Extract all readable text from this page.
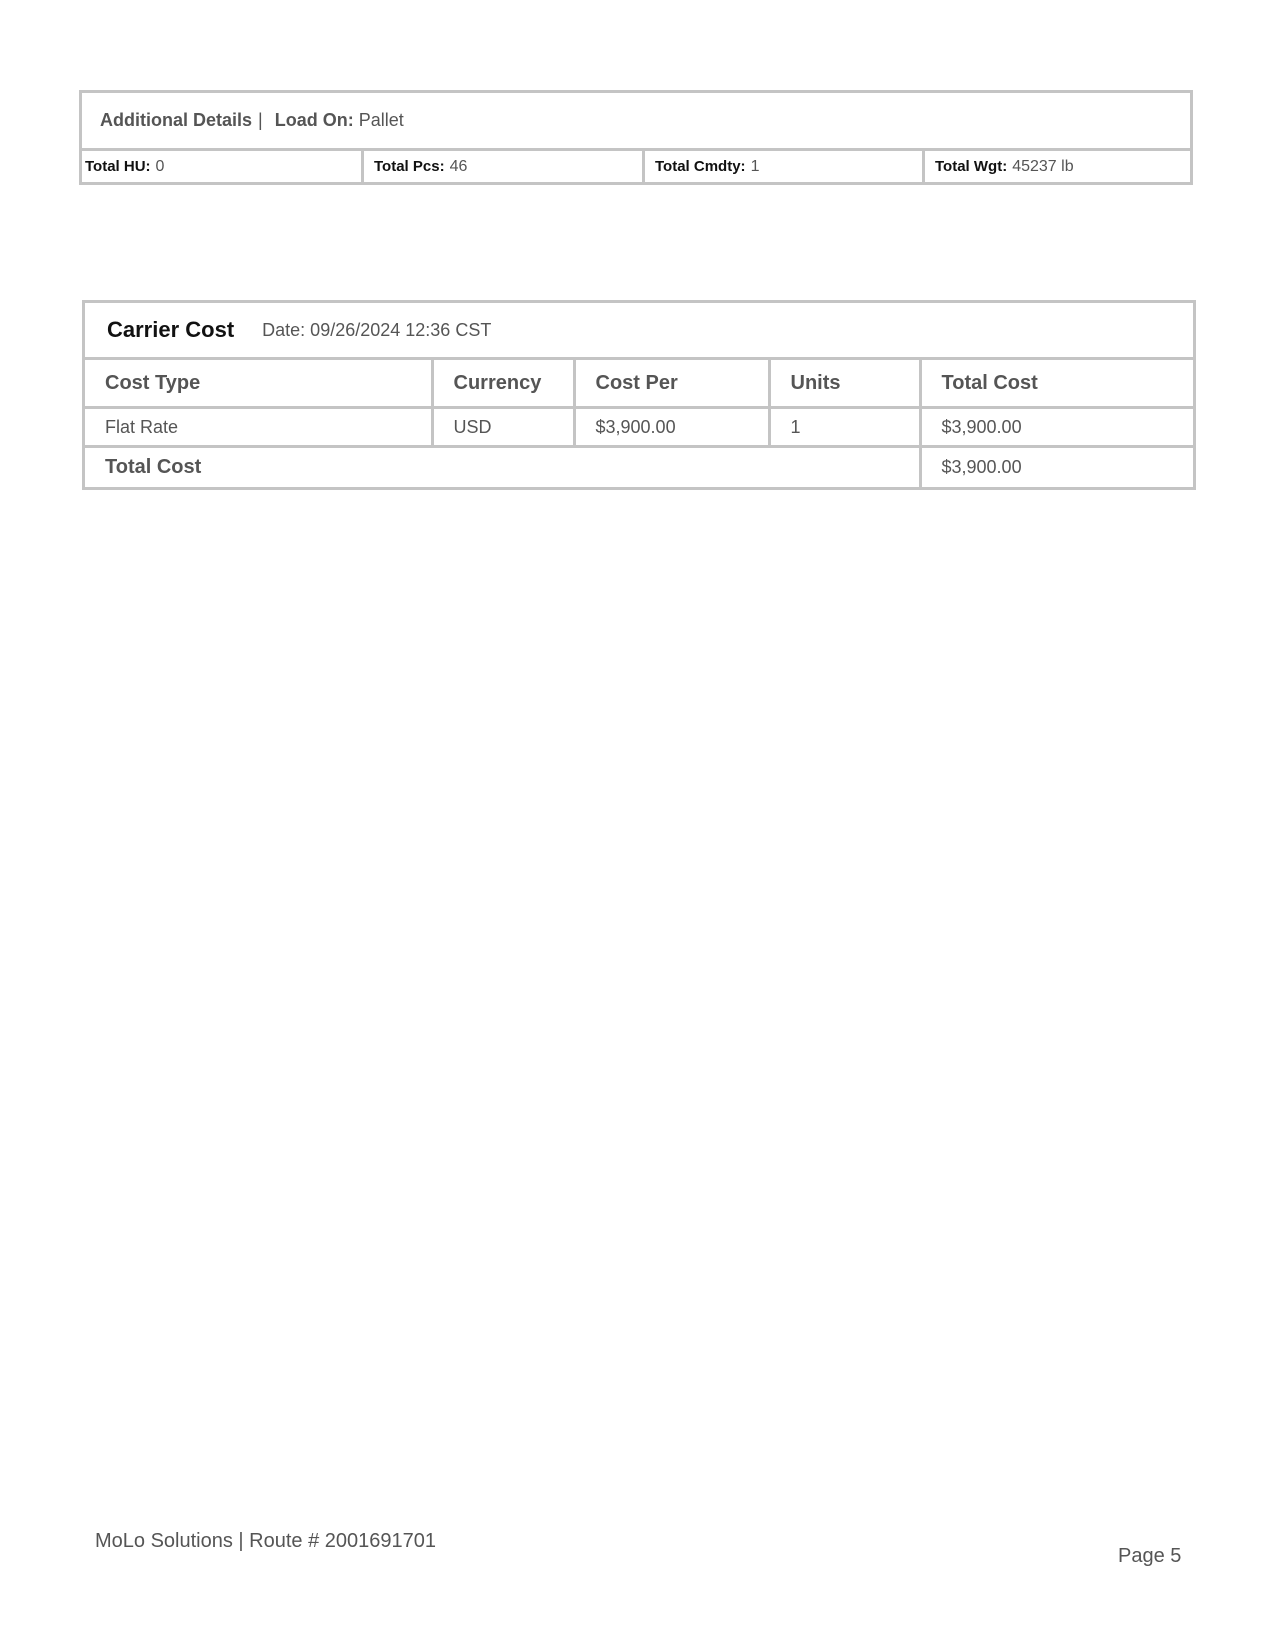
Additional Details | Load On: Pallet
Total HU: 0	Total Pcs: 46	Total Cmdty: 1	Total Wgt: 45237 lb
Carrier Cost Date: 09/26/2024 12:36 CST
Cost Type	Currency	Cost Per	Units	Total Cost
Flat Rate	USD	$3,900.00	1	$3,900.00
Total Cost				$3,900.00
MoLo Solutions | Route # 2001691701
Page 5
